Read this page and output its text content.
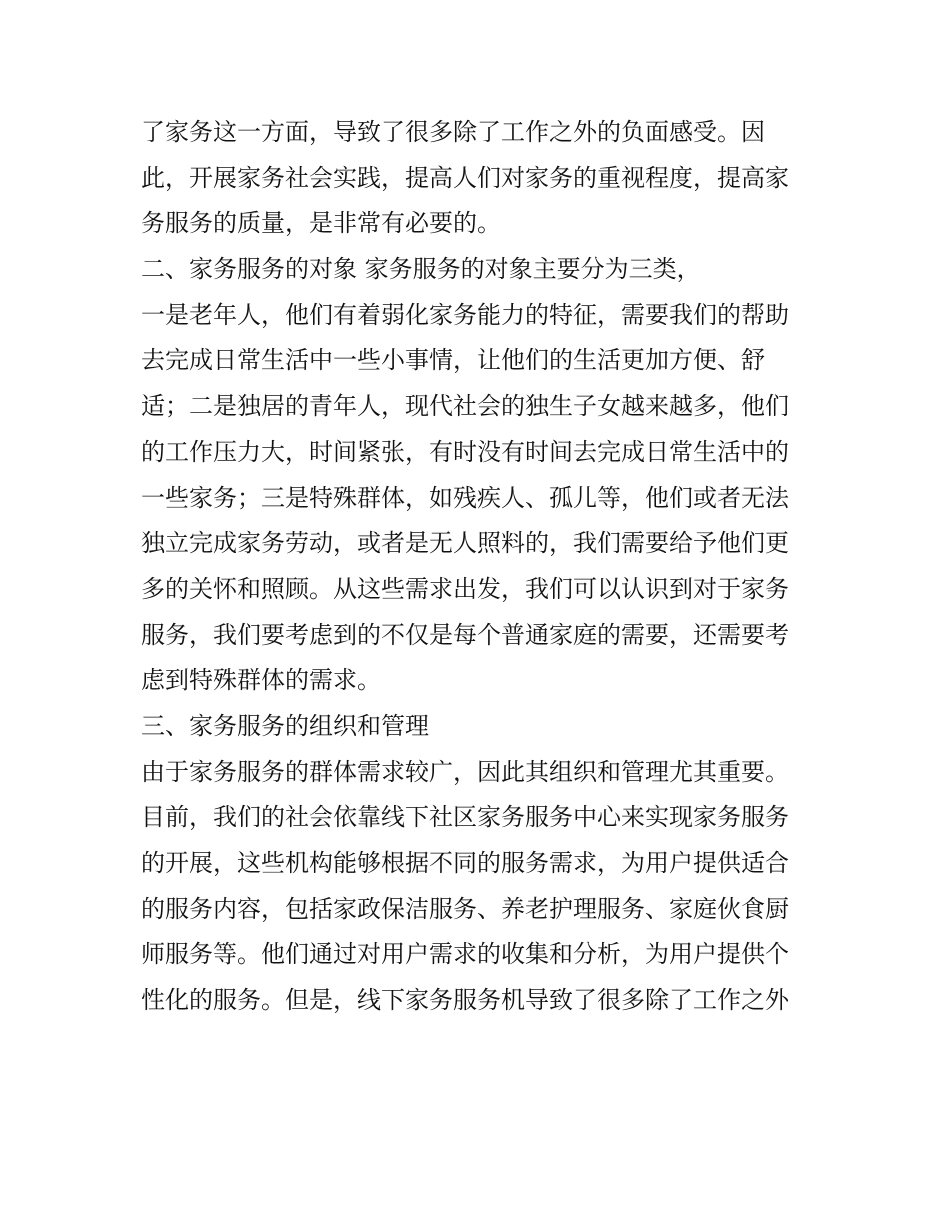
了家务这一方面，导致了很多除了工作之外的负面感受。因
此，开展家务社会实践，提高人们对家务的重视程度，提高家
务服务的质量，是非常有必要的。
二、家务服务的对象 家务服务的对象主要分为三类，
一是老年人，他们有着弱化家务能力的特征，需要我们的帮助
去完成日常生活中一些小事情，让他们的生活更加方便、舒
适；二是独居的青年人，现代社会的独生子女越来越多，他们
的工作压力大，时间紧张，有时没有时间去完成日常生活中的
一些家务；三是特殊群体，如残疾人、孤儿等，他们或者无法
独立完成家务劳动，或者是无人照料的，我们需要给予他们更
多的关怀和照顾。从这些需求出发，我们可以认识到对于家务
服务，我们要考虑到的不仅是每个普通家庭的需要，还需要考
虑到特殊群体的需求。
三、家务服务的组织和管理
由于家务服务的群体需求较广，因此其组织和管理尤其重要。
目前，我们的社会依靠线下社区家务服务中心来实现家务服务
的开展，这些机构能够根据不同的服务需求，为用户提供适合
的服务内容，包括家政保洁服务、养老护理服务、家庭伙食厨
师服务等。他们通过对用户需求的收集和分析，为用户提供个
性化的服务。但是，线下家务服务机导致了很多除了工作之外
